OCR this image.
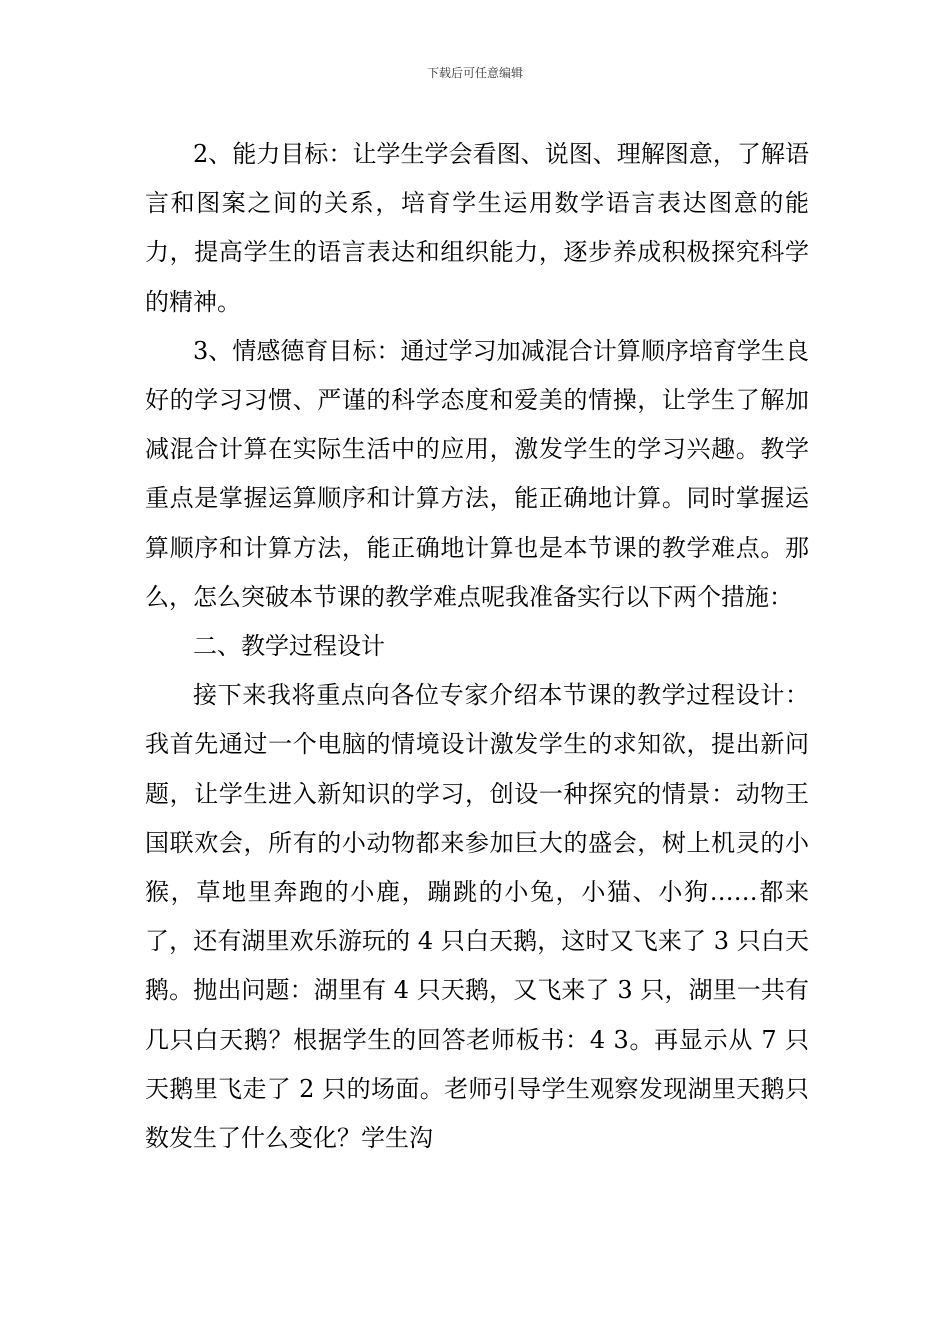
下载后可任意编辑

2、能力目标：让学生学会看图、说图、理解图意，了解语言和图案之间的关系，培育学生运用数学语言表达图意的能力，提高学生的语言表达和组织能力，逐步养成积极探究科学的精神。

3、情感德育目标：通过学习加减混合计算顺序培育学生良好的学习习惯、严谨的科学态度和爱美的情操，让学生了解加减混合计算在实际生活中的应用，激发学生的学习兴趣。教学重点是掌握运算顺序和计算方法，能正确地计算。同时掌握运算顺序和计算方法，能正确地计算也是本节课的教学难点。那么，怎么突破本节课的教学难点呢我准备实行以下两个措施：

二、教学过程设计

接下来我将重点向各位专家介绍本节课的教学过程设计： 我首先通过一个电脑的情境设计激发学生的求知欲，提出新问题，让学生进入新知识的学习，创设一种探究的情景：动物王国联欢会，所有的小动物都来参加巨大的盛会，树上机灵的小猴，草地里奔跑的小鹿，蹦跳的小兔，小猫、小狗……都来了，还有湖里欢乐游玩的 4 只白天鹅，这时又飞来了 3 只白天鹅。抛出问题：湖里有 4 只天鹅，又飞来了 3 只，湖里一共有几只白天鹅？根据学生的回答老师板书：4 3。再显示从 7 只天鹅里飞走了 2 只的场面。老师引导学生观察发现湖里天鹅只数发生了什么变化？学生沟
